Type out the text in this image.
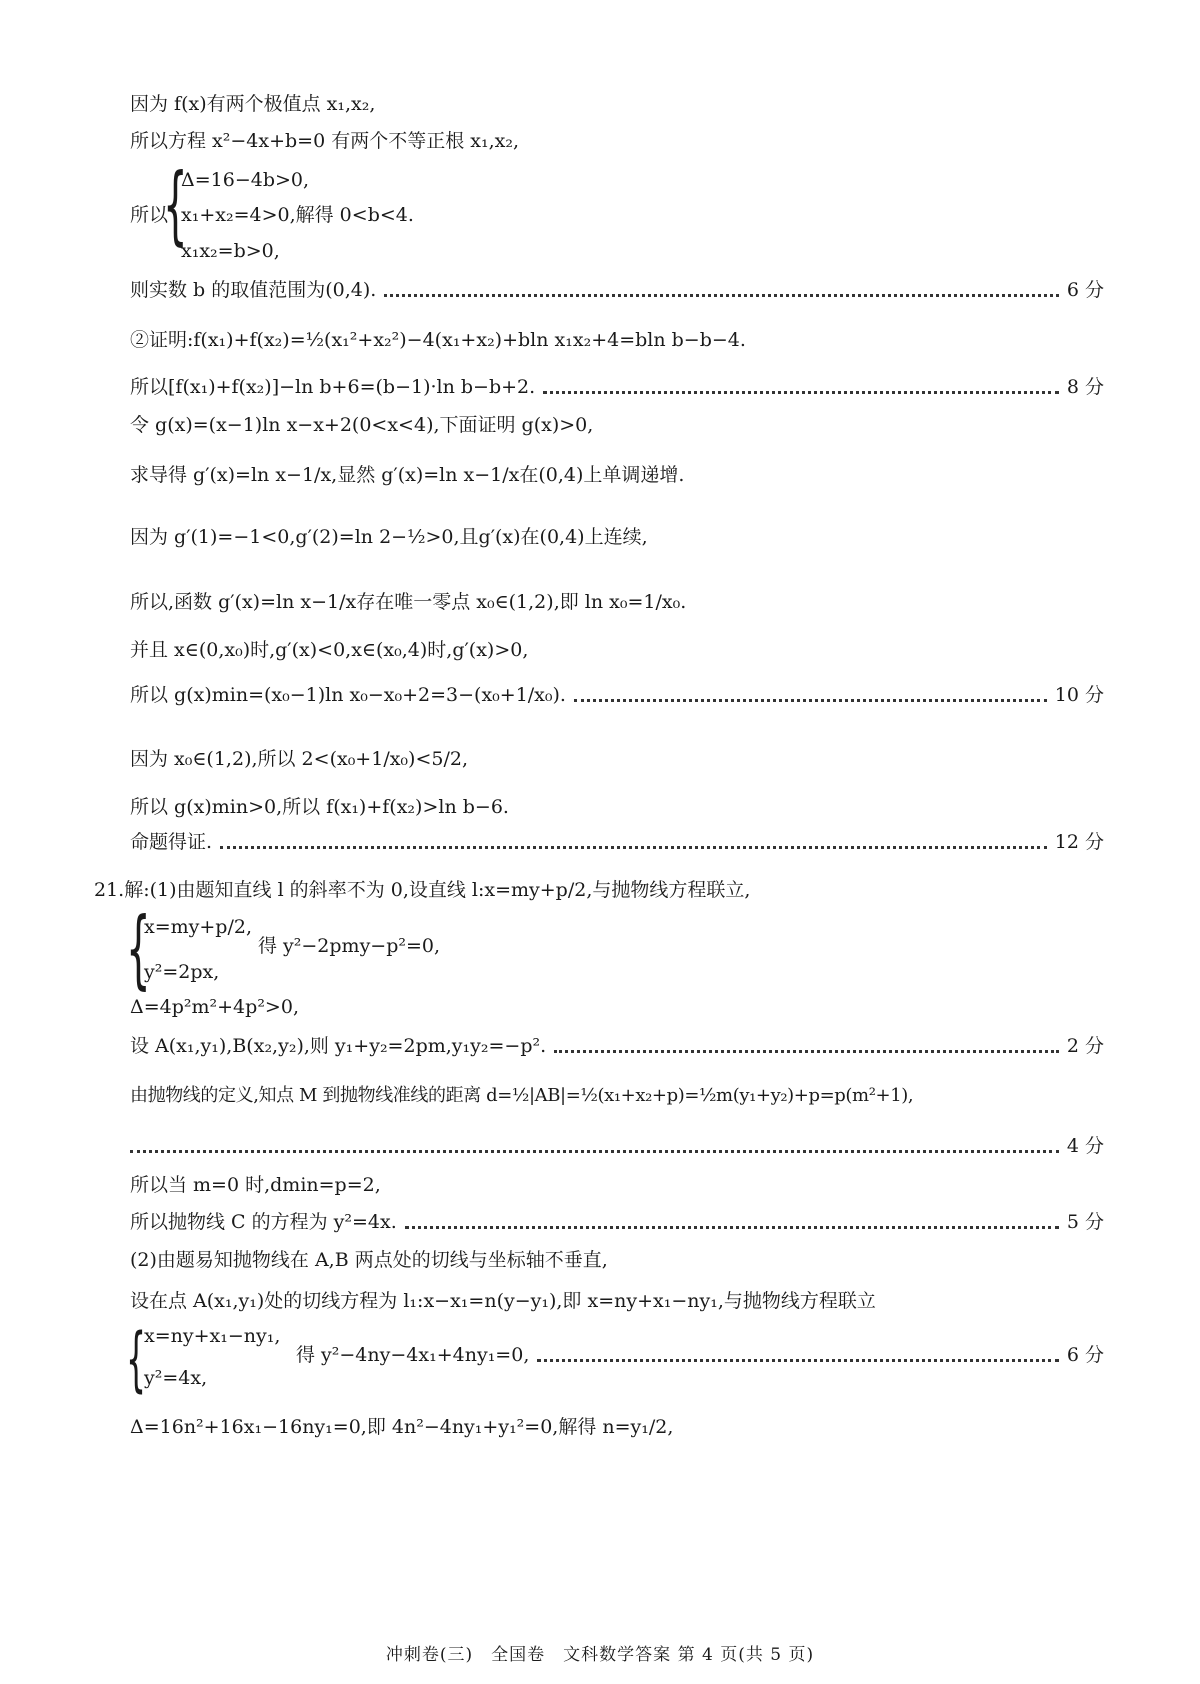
因为 f(x)有两个极值点 x₁,x₂,
所以方程 x²−4x+b=0 有两个不等正根 x₁,x₂,
{
Δ=16−4b>0,
所以 x₁+x₂=4>0,解得 0<b<4.
x₁x₂=b>0,
则实数 b 的取值范围为(0,4).	6 分
②证明:f(x₁)+f(x₂)=½(x₁²+x₂²)−4(x₁+x₂)+bln x₁x₂+4=bln b−b−4.
所以[f(x₁)+f(x₂)]−ln b+6=(b−1)·ln b−b+2.	8 分
令 g(x)=(x−1)ln x−x+2(0<x<4),下面证明 g(x)>0,
求导得 g′(x)=ln x−1/x,显然 g′(x)=ln x−1/x在(0,4)上单调递增.
因为 g′(1)=−1<0,g′(2)=ln 2−½>0,且g′(x)在(0,4)上连续,
所以,函数 g′(x)=ln x−1/x存在唯一零点 x₀∈(1,2),即 ln x₀=1/x₀.
并且 x∈(0,x₀)时,g′(x)<0,x∈(x₀,4)时,g′(x)>0,
所以 g(x)min=(x₀−1)ln x₀−x₀+2=3−(x₀+1/x₀).	10 分
因为 x₀∈(1,2),所以 2<(x₀+1/x₀)<5/2,
所以 g(x)min>0,所以 f(x₁)+f(x₂)>ln b−6.
命题得证.	12 分
21.解:(1)由题知直线 l 的斜率不为 0,设直线 l:x=my+p/2,与抛物线方程联立,
{
x=my+p/2,
得 y²−2pmy−p²=0,
y²=2px,
Δ=4p²m²+4p²>0,
设 A(x₁,y₁),B(x₂,y₂),则 y₁+y₂=2pm,y₁y₂=−p².	2 分
由抛物线的定义,知点 M 到抛物线准线的距离 d=½|AB|=½(x₁+x₂+p)=½m(y₁+y₂)+p=p(m²+1),
4 分
所以当 m=0 时,dmin=p=2,
所以抛物线 C 的方程为 y²=4x.	5 分
(2)由题易知抛物线在 A,B 两点处的切线与坐标轴不垂直,
设在点 A(x₁,y₁)处的切线方程为 l₁:x−x₁=n(y−y₁),即 x=ny+x₁−ny₁,与抛物线方程联立
{
x=ny+x₁−ny₁,
得 y²−4ny−4x₁+4ny₁=0,	6 分
y²=4x,
Δ=16n²+16x₁−16ny₁=0,即 4n²−4ny₁+y₁²=0,解得 n=y₁/2,
冲刺卷(三)　全国卷　文科数学答案 第 4 页(共 5 页)
